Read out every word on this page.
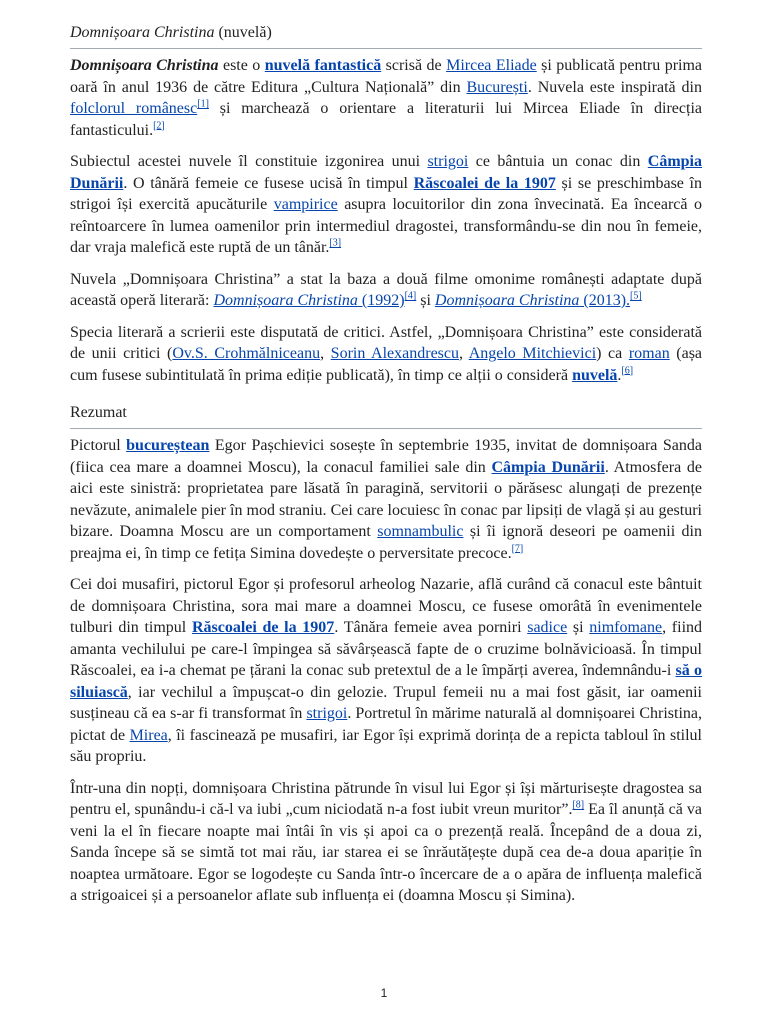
Domnișoara Christina (nuvelă)

Domnișoara Christina este o nuvelă fantastică scrisă de Mircea Eliade și publicată pentru prima oară în anul 1936 de către Editura „Cultura Națională” din București. Nuvela este inspirată din folclorul românesc[1] și marchează o orientare a literaturii lui Mircea Eliade în direcția fantasticului.[2]

Subiectul acestei nuvele îl constituie izgonirea unui strigoi ce bântuia un conac din Câmpia Dunării. O tânără femeie ce fusese ucisă în timpul Răscoalei de la 1907 și se preschimbase în strigoi își exercită apucăturile vampirice asupra locuitorilor din zona învecinată. Ea încearcă o reîntoarcere în lumea oamenilor prin intermediul dragostei, transformându-se din nou în femeie, dar vraja malefică este ruptă de un tânăr.[3]

Nuvela „Domnișoara Christina” a stat la baza a două filme omonime românești adaptate după această operă literară: Domnișoara Christina (1992)[4] și Domnișoara Christina (2013).[5]

Specia literară a scrierii este disputată de critici. Astfel, „Domnișoara Christina” este considerată de unii critici (Ov.S. Crohmălniceanu, Sorin Alexandrescu, Angelo Mitchievici) ca roman (așa cum fusese subintitulată în prima ediție publicată), în timp ce alții o consideră nuvelă.[6]

Rezumat

Pictorul bucureștean Egor Pașchievici sosește în septembrie 1935, invitat de domnișoara Sanda (fiica cea mare a doamnei Moscu), la conacul familiei sale din Câmpia Dunării. Atmosfera de aici este sinistră: proprietatea pare lăsată în paragină, servitorii o părăsesc alungați de prezențe nevăzute, animalele pier în mod straniu. Cei care locuiesc în conac par lipsiți de vlagă și au gesturi bizare. Doamna Moscu are un comportament somnambulic și îi ignoră deseori pe oamenii din preajma ei, în timp ce fetița Simina dovedește o perversitate precoce.[7]

Cei doi musafiri, pictorul Egor și profesorul arheolog Nazarie, află curând că conacul este bântuit de domnișoara Christina, sora mai mare a doamnei Moscu, ce fusese omorâtă în evenimentele tulburi din timpul Răscoalei de la 1907. Tânăra femeie avea porniri sadice și nimfomane, fiind amanta vechilului pe care-l împingea să săvârșească fapte de o cruzime bolnăvicioasă. În timpul Răscoalei, ea i-a chemat pe țărani la conac sub pretextul de a le împărți averea, îndemnându-i să o siluiască, iar vechilul a împușcat-o din gelozie. Trupul femeii nu a mai fost găsit, iar oamenii susțineau că ea s-ar fi transformat în strigoi. Portretul în mărime naturală al domnișoarei Christina, pictat de Mirea, îi fascinează pe musafiri, iar Egor își exprimă dorința de a repicta tabloul în stilul său propriu.

Într-una din nopți, domnișoara Christina pătrunde în visul lui Egor și își mărturisește dragostea sa pentru el, spunându-i că-l va iubi „cum niciodată n-a fost iubit vreun muritor”.[8] Ea îl anunță că va veni la el în fiecare noapte mai întâi în vis și apoi ca o prezență reală. Începând de a doua zi, Sanda începe să se simtă tot mai rău, iar starea ei se înrăutățește după cea de-a doua apariție în noaptea următoare. Egor se logodește cu Sanda într-o încercare de a o apăra de influența malefică a strigoaicei și a persoanelor aflate sub influența ei (doamna Moscu și Simina).

1
